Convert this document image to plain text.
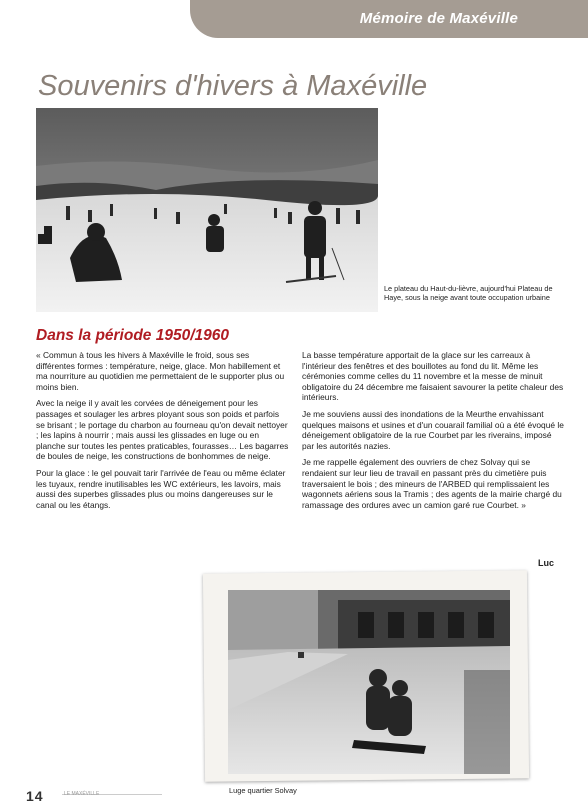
Mémoire de Maxéville
Souvenirs d'hivers à Maxéville
Le plateau du Haut-du-lièvre, aujourd'hui Plateau de Haye, sous la neige avant toute occupation urbaine
Dans la période 1950/1960

« Commun à tous les hivers à Maxéville le froid, sous ses différentes formes : température, neige, glace. Mon habillement et ma nourriture au quotidien me permettaient de le supporter plus ou moins bien.

Avec la neige il y avait les corvées de déneigement pour les passages et soulager les arbres ployant sous son poids et parfois se brisant ; le portage du charbon au fourneau qu'on devait nettoyer ; les lapins à nourrir ; mais aussi les glissades en luge ou en planche sur toutes les pentes praticables, fourasses… Les bagarres de boules de neige, les constructions de bonhommes de neige.

Pour la glace : le gel pouvait tarir l'arrivée de l'eau ou même éclater les tuyaux, rendre inutilisables les WC extérieurs, les lavoirs, mais aussi des superbes glissades plus ou moins dangereuses sur le canal ou les étangs.

La basse température apportait de la glace sur les carreaux à l'intérieur des fenêtres et des bouillotes au fond du lit. Même les cérémonies comme celles du 11 novembre et la messe de minuit obligatoire du 24 décembre me faisaient savourer la petite chaleur des intérieurs.

Je me souviens aussi des inondations de la Meurthe envahissant quelques maisons et usines et d'un couarail familial où a été évoqué le déneigement obligatoire de la rue Courbet par les riverains, imposé par les autorités nazies.

Je me rappelle également des ouvriers de chez Solvay qui se rendaient sur leur lieu de travail en passant près du cimetière puis traversaient le bois ; des mineurs de l'ARBED qui remplissaient les wagonnets aériens sous la Tramis ; des agents de la mairie chargé du ramassage des ordures avec un camion garé rue Courbet. »

Luc
Luge quartier Solvay
14	LE MAXÉVILLE
